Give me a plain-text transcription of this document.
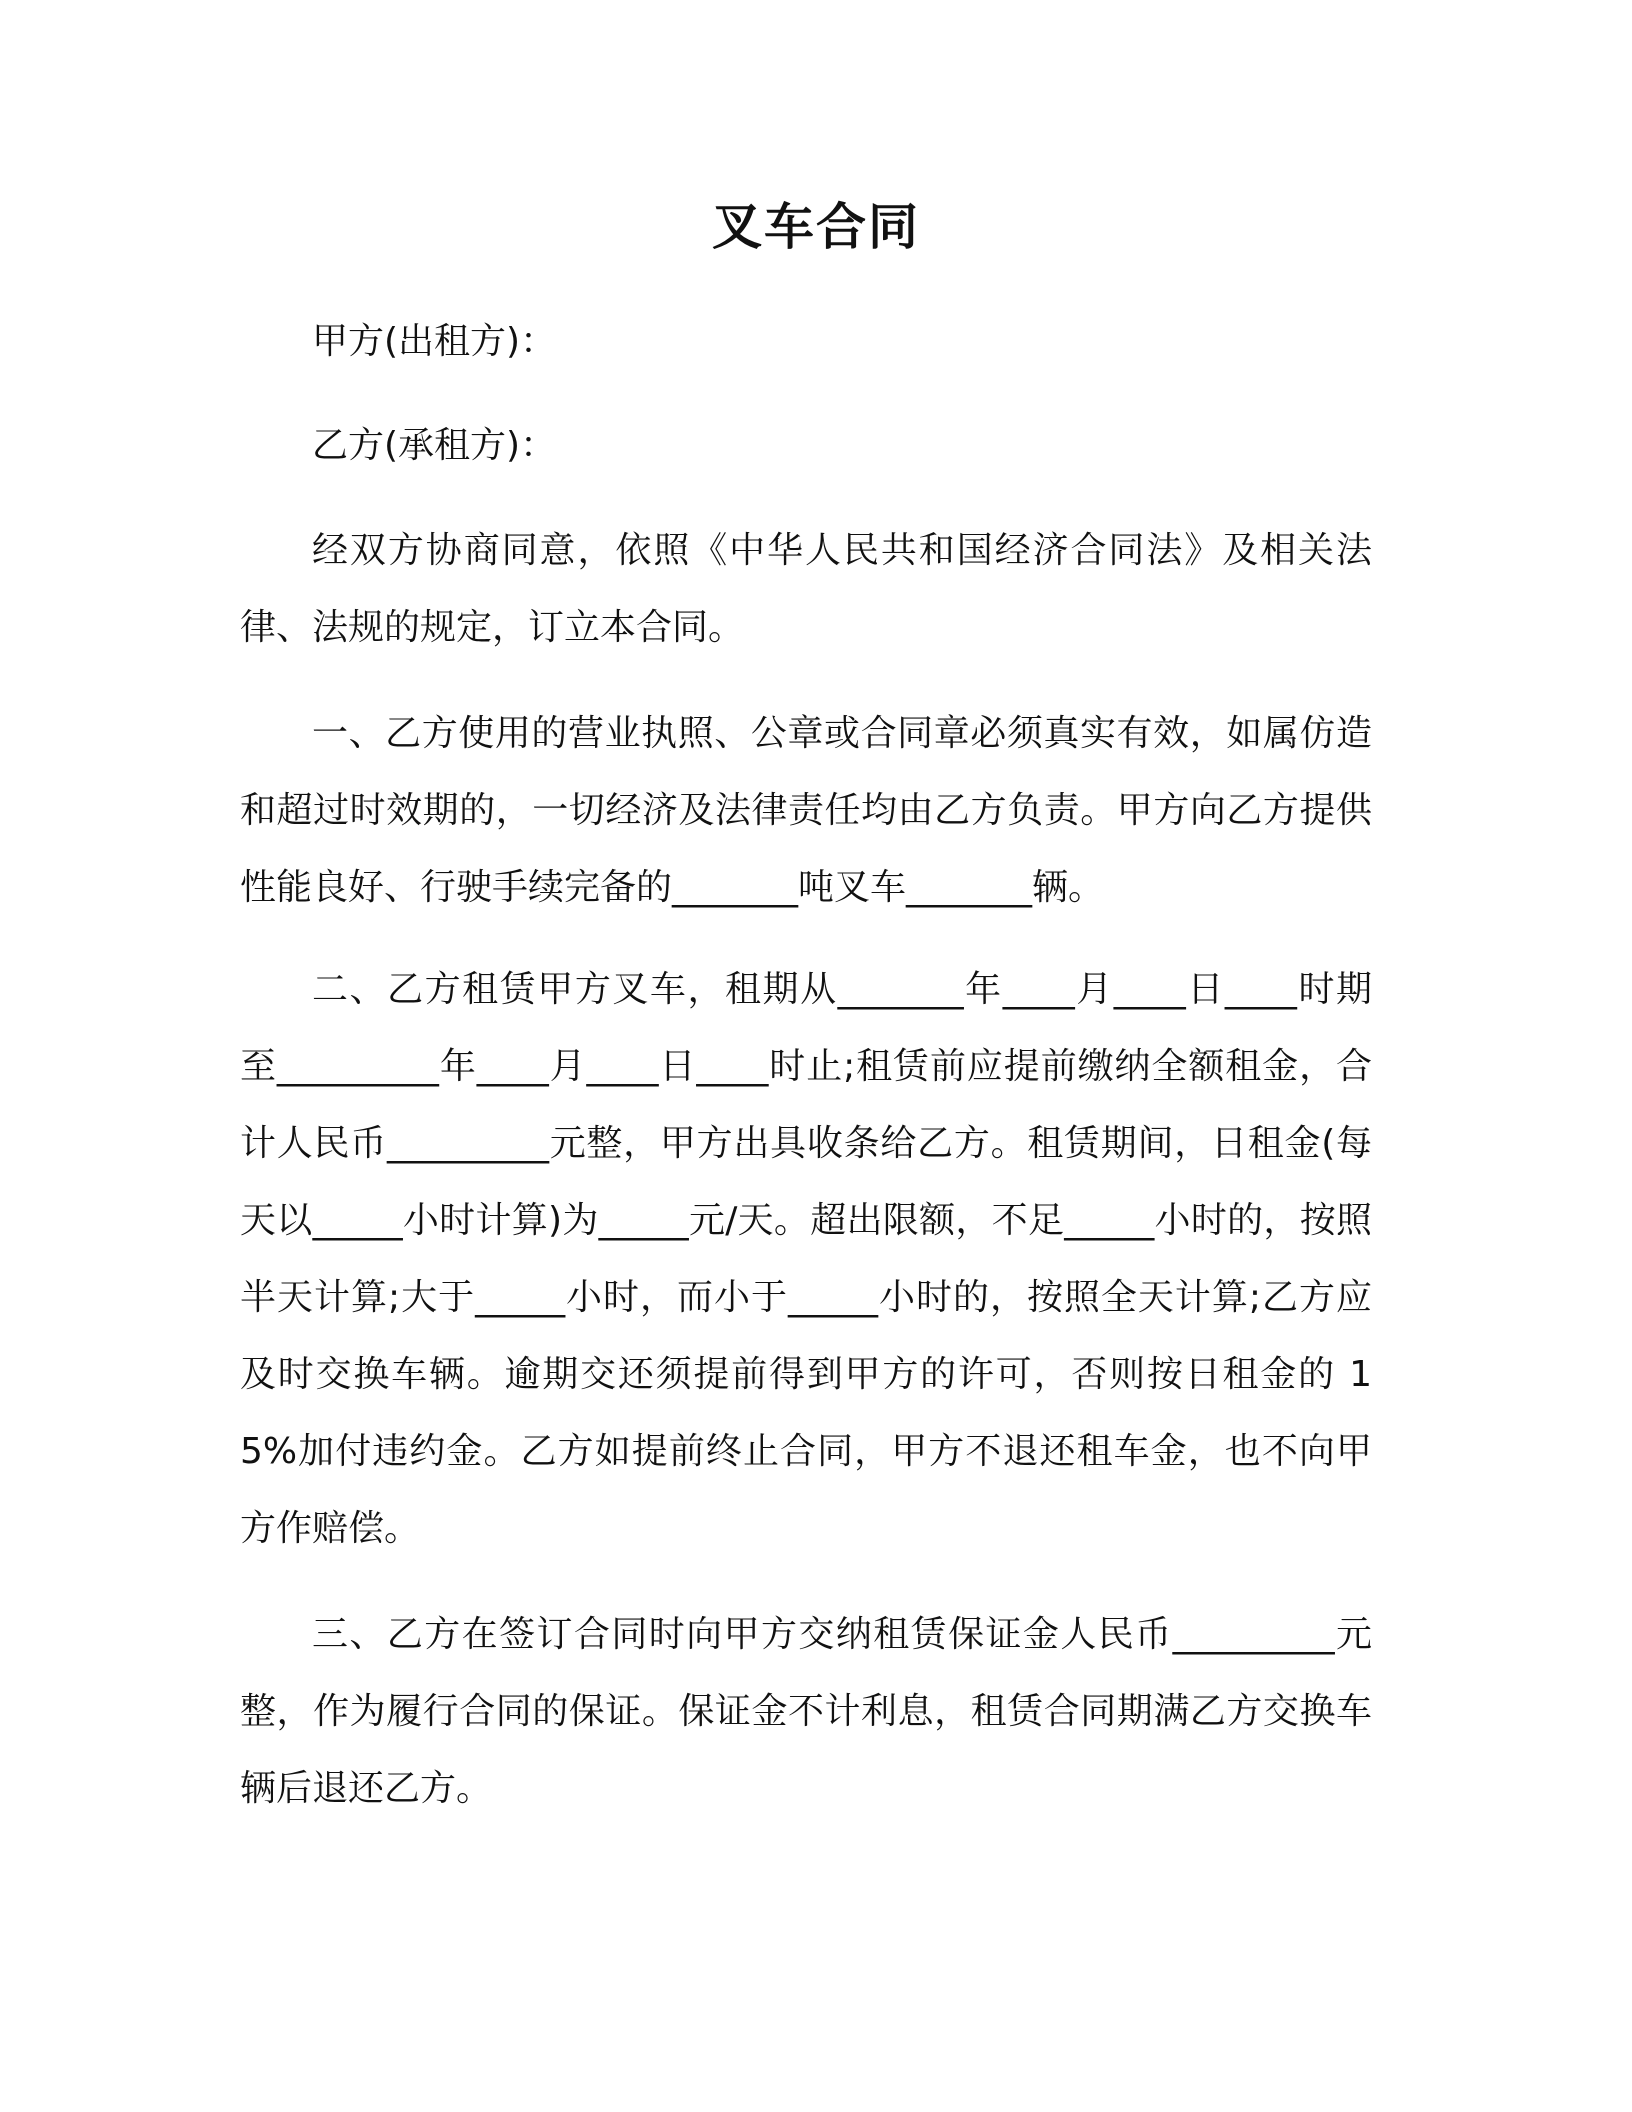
叉车合同
甲方(出租方)：
乙方(承租方)：

经双方协商同意，依照《中华人民共和国经济合同法》及相关法律、法规的规定，订立本合同。

一、乙方使用的营业执照、公章或合同章必须真实有效，如属仿造和超过时效期的，一切经济及法律责任均由乙方负责。甲方向乙方提供性能良好、行驶手续完备的_______吨叉车_______辆。

二、乙方租赁甲方叉车，租期从_______年____月____日____时期至_________年____月____日____时止;租赁前应提前缴纳全额租金，合计人民币_________元整，甲方出具收条给乙方。租赁期间，日租金(每天以_____小时计算)为_____元/天。超出限额，不足_____小时的，按照半天计算;大于_____小时，而小于_____小时的，按照全天计算;乙方应及时交换车辆。逾期交还须提前得到甲方的许可，否则按日租金的 15%加付违约金。乙方如提前终止合同，甲方不退还租车金，也不向甲方作赔偿。

三、乙方在签订合同时向甲方交纳租赁保证金人民币_________元整，作为履行合同的保证。保证金不计利息，租赁合同期满乙方交换车辆后退还乙方。
